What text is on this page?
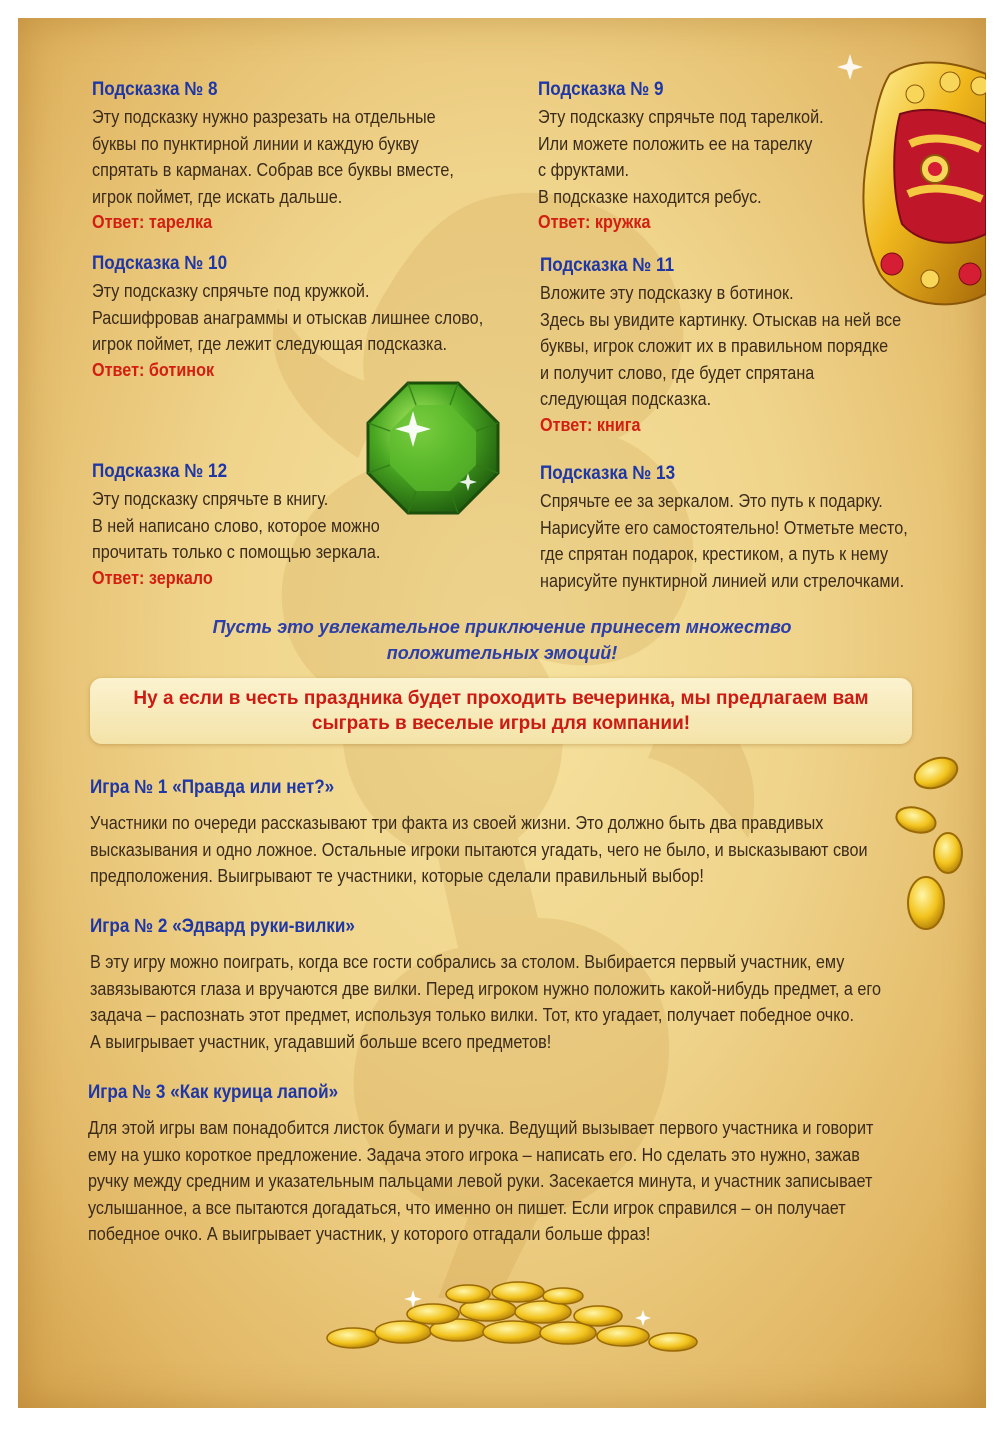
Подсказка № 8
Эту подсказку нужно разрезать на отдельные
буквы по пунктирной линии и каждую букву
спрятать в карманах. Собрав все буквы вместе,
игрок поймет, где искать дальше.
Ответ: тарелка
Подсказка № 9
Эту подсказку спрячьте под тарелкой.
Или можете положить ее на тарелку
с фруктами.
В подсказке находится ребус.
Ответ: кружка
Подсказка № 10
Эту подсказку спрячьте под кружкой.
Расшифровав анаграммы и отыскав лишнее слово,
игрок поймет, где лежит следующая подсказка.
Ответ: ботинок
Подсказка № 11
Вложите эту подсказку в ботинок.
Здесь вы увидите картинку. Отыскав на ней все
буквы, игрок сложит их в правильном порядке
и получит слово, где будет спрятана
следующая подсказка.
Ответ: книга
Подсказка № 12
Эту подсказку спрячьте в книгу.
В ней написано слово, которое можно
прочитать только с помощью зеркала.
Ответ: зеркало
Подсказка № 13
Спрячьте ее за зеркалом. Это путь к подарку.
Нарисуйте его самостоятельно! Отметьте место,
где спрятан подарок, крестиком, а путь к нему
нарисуйте пунктирной линией или стрелочками.
Пусть это увлекательное приключение принесет множество
положительных эмоций!
Ну а если в честь праздника будет проходить вечеринка, мы предлагаем вам
сыграть в веселые игры для компании!
Игра № 1 «Правда или нет?»
Участники по очереди рассказывают три факта из своей жизни. Это должно быть два правдивых
высказывания и одно ложное. Остальные игроки пытаются угадать, чего не было, и высказывают свои
предположения. Выигрывают те участники, которые сделали правильный выбор!
Игра № 2 «Эдвард руки-вилки»
В эту игру можно поиграть, когда все гости собрались за столом. Выбирается первый участник, ему
завязываются глаза и вручаются две вилки. Перед игроком нужно положить какой-нибудь предмет, а его
задача – распознать этот предмет, используя только вилки. Тот, кто угадает, получает победное очко.
А выигрывает участник, угадавший больше всего предметов!
Игра № 3 «Как курица лапой»
Для этой игры вам понадобится листок бумаги и ручка. Ведущий вызывает первого участника и говорит
ему на ушко короткое предложение. Задача этого игрока – написать его. Но сделать это нужно, зажав
ручку между средним и указательным пальцами левой руки. Засекается минута, и участник записывает
услышанное, а все пытаются догадаться, что именно он пишет. Если игрок справился – он получает
победное очко. А выигрывает участник, у которого отгадали больше фраз!
